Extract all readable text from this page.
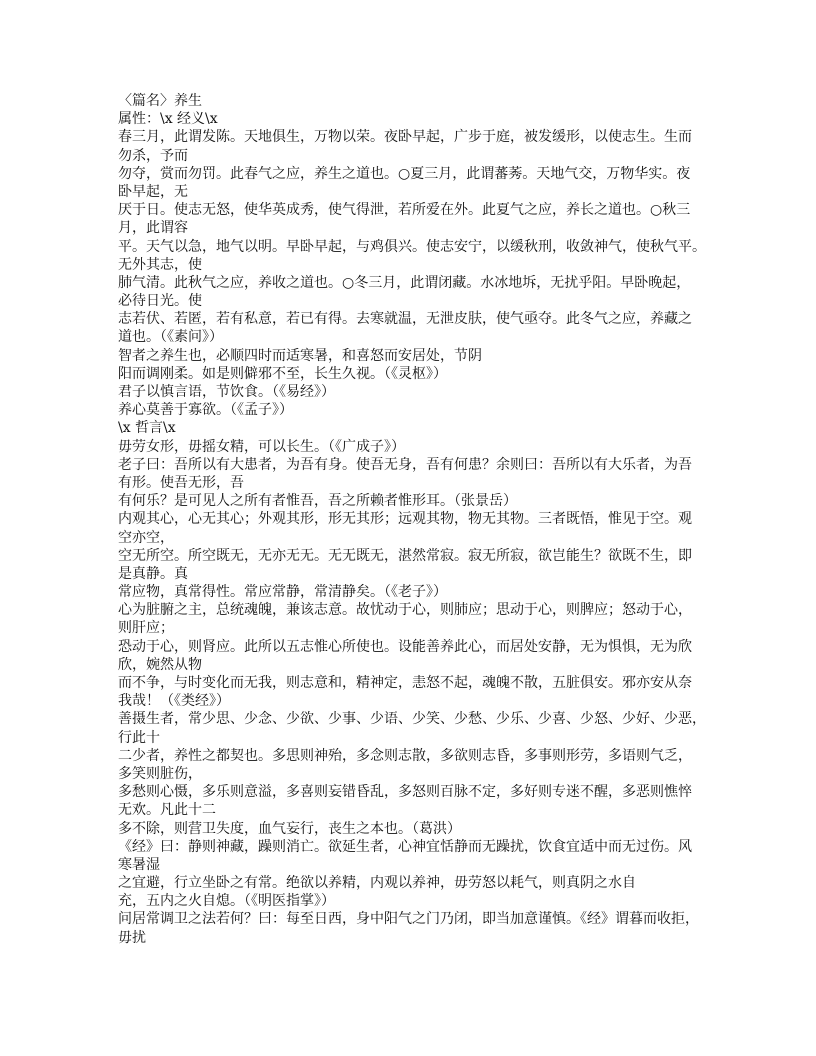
〈篇名〉养生
属性：\x 经义\x
春三月，此谓发陈。天地俱生，万物以荣。夜卧早起，广步于庭，被发缓形，以使志生。生而
勿杀，予而
勿夺，赏而勿罚。此春气之应，养生之道也。○夏三月，此谓蕃莠。天地气交，万物华实。夜
卧早起，无
厌于日。使志无怒，使华英成秀，使气得泄，若所爱在外。此夏气之应，养长之道也。○秋三
月，此谓容
平。天气以急，地气以明。早卧早起，与鸡俱兴。使志安宁，以缓秋刑，收敛神气，使秋气平。
无外其志，使
肺气清。此秋气之应，养收之道也。○冬三月，此谓闭藏。水冰地坼，无扰乎阳。早卧晚起，
必待日光。使
志若伏、若匿，若有私意，若已有得。去寒就温，无泄皮肤，使气亟夺。此冬气之应，养藏之
道也。（《素问》）
智者之养生也，必顺四时而适寒暑，和喜怒而安居处，节阴
阳而调刚柔。如是则僻邪不至，长生久视。（《灵枢》）
君子以慎言语，节饮食。（《易经》）
养心莫善于寡欲。（《孟子》）
\x 哲言\x
毋劳女形，毋摇女精，可以长生。（《广成子》）
老子曰：吾所以有大患者，为吾有身。使吾无身，吾有何患？余则曰：吾所以有大乐者，为吾
有形。使吾无形，吾
有何乐？是可见人之所有者惟吾，吾之所赖者惟形耳。（张景岳）
内观其心，心无其心；外观其形，形无其形；远观其物，物无其物。三者既悟，惟见于空。观
空亦空，
空无所空。所空既无，无亦无无。无无既无，湛然常寂。寂无所寂，欲岂能生？欲既不生，即
是真静。真
常应物，真常得性。常应常静，常清静矣。（《老子》）
心为脏腑之主，总统魂魄，兼该志意。故忧动于心，则肺应；思动于心，则脾应；怒动于心，
则肝应；
恐动于心，则肾应。此所以五志惟心所使也。设能善养此心，而居处安静，无为惧惧，无为欣
欣，婉然从物
而不争，与时变化而无我，则志意和，精神定，恚怒不起，魂魄不散，五脏俱安。邪亦安从奈
我哉！（《类经》）
善摄生者，常少思、少念、少欲、少事、少语、少笑、少愁、少乐、少喜、少怒、少好、少恶，
行此十
二少者，养性之都契也。多思则神殆，多念则志散，多欲则志昏，多事则形劳，多语则气乏，
多笑则脏伤，
多愁则心慑，多乐则意溢，多喜则妄错昏乱，多怒则百脉不定，多好则专迷不醒，多恶则憔悴
无欢。凡此十二
多不除，则营卫失度，血气妄行，丧生之本也。（葛洪）
《经》曰：静则神藏，躁则消亡。欲延生者，心神宜恬静而无躁扰，饮食宜适中而无过伤。风
寒暑湿
之宜避，行立坐卧之有常。绝欲以养精，内观以养神，毋劳怒以耗气，则真阴之水自
充，五内之火自熄。（《明医指掌》）
问居常调卫之法若何？曰：每至日西，身中阳气之门乃闭，即当加意谨慎。《经》谓暮而收拒，
毋扰
